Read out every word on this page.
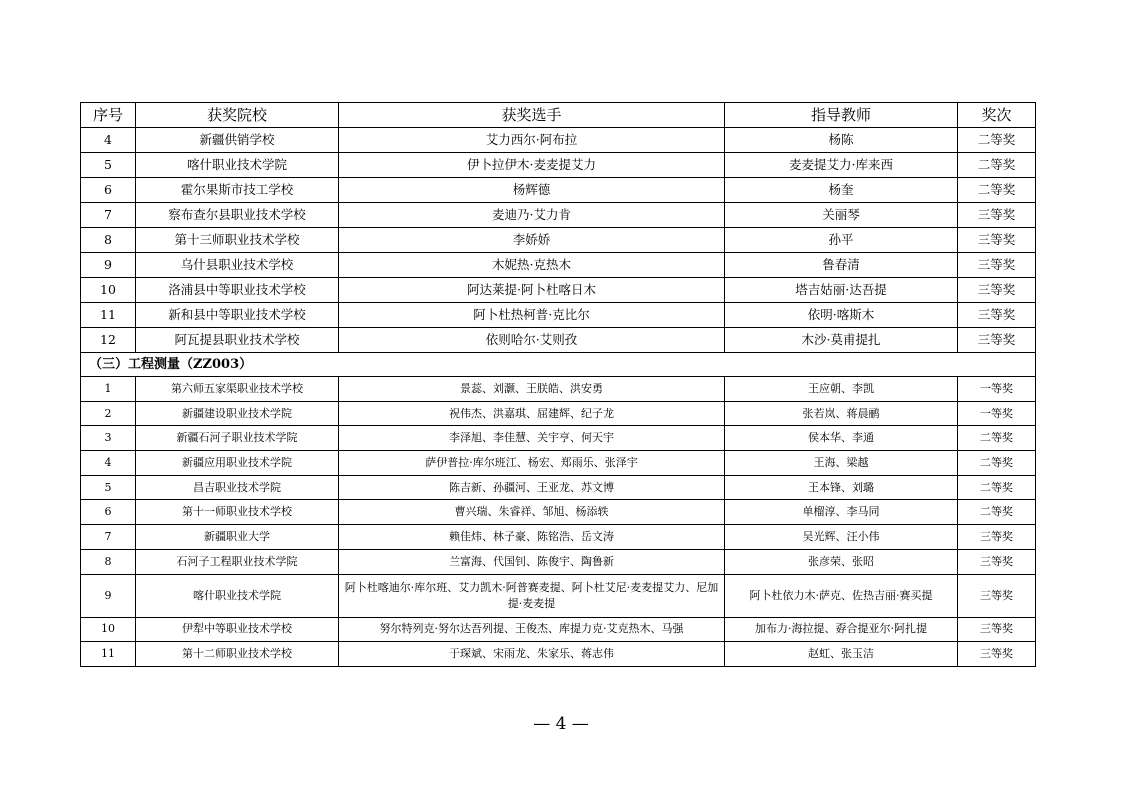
序号	获奖院校	获奖选手	指导教师	奖次
4	新疆供销学校	艾力西尔·阿布拉	杨陈	二等奖
5	喀什职业技术学院	伊卜拉伊木·麦麦提艾力	麦麦提艾力·库来西	二等奖
6	霍尔果斯市技工学校	杨辉德	杨奎	二等奖
7	察布查尔县职业技术学校	麦迪乃·艾力肯	关丽琴	三等奖
8	第十三师职业技术学校	李娇娇	孙平	三等奖
9	乌什县职业技术学校	木妮热·克热木	鲁春清	三等奖
10	洛浦县中等职业技术学校	阿达莱提·阿卜杜喀日木	塔吉姑丽·达吾提	三等奖
11	新和县中等职业技术学校	阿卜杜热柯普·克比尔	依明·喀斯木	三等奖
12	阿瓦提县职业技术学校	依则哈尔·艾则孜	木沙·莫甫提扎	三等奖
（三）工程测量（ZZ003）				
1	第六师五家渠职业技术学校	景蕊、刘灏、王朕皓、洪安勇	王应朝、李凯	一等奖
2	新疆建设职业技术学院	祝伟杰、洪嘉琪、屈建辉、纪子龙	张若岚、蒋晨鹂	一等奖
3	新疆石河子职业技术学院	李泽旭、李佳慧、关宇亨、何天宇	侯本华、李通	二等奖
4	新疆应用职业技术学院	萨伊普拉·库尔班江、杨宏、郑雨乐、张泽宇	王海、梁越	二等奖
5	昌吉职业技术学院	陈吉新、孙疆河、王亚龙、苏文博	王本锋、刘璐	二等奖
6	第十一师职业技术学校	曹兴瑞、朱睿祥、邹旭、杨添轶	单榴淳、李马同	二等奖
7	新疆职业大学	赖佳炜、林子豪、陈铭浩、岳文涛	吴光辉、汪小伟	三等奖
8	石河子工程职业技术学院	兰富海、代国钊、陈俊宇、陶鲁新	张彦荣、张昭	三等奖
9	喀什职业技术学院	阿卜杜喀迪尔·库尔班、艾力凯木·阿普赛麦提、阿卜杜艾尼·麦麦提艾力、尼加提·麦麦提	阿卜杜依力木·萨克、佐热吉丽·赛买提	三等奖
10	伊犁中等职业技术学校	努尔特列克·努尔达吾列提、王俊杰、库提力克·艾克热木、马强	加布力·海拉提、孬合提亚尔·阿扎提	三等奖
11	第十二师职业技术学校	于琛斌、宋雨龙、朱家乐、蒋志伟	赵虹、张玉洁	三等奖
— 4 —
